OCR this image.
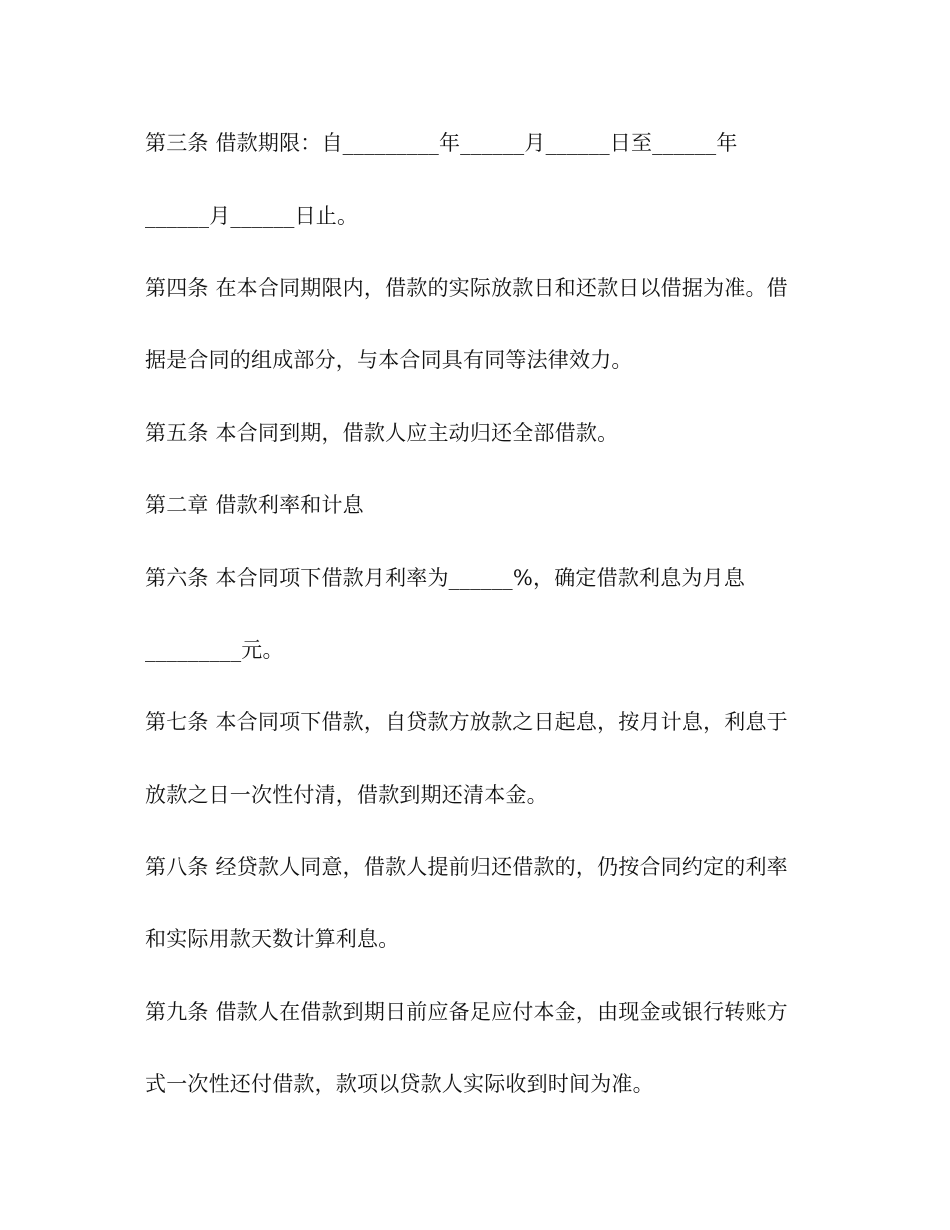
第三条 借款期限：自_________年______月______日至______年

______月______日止。

第四条 在本合同期限内，借款的实际放款日和还款日以借据为准。借

据是合同的组成部分，与本合同具有同等法律效力。

第五条 本合同到期，借款人应主动归还全部借款。

第二章 借款利率和计息

第六条 本合同项下借款月利率为______%，确定借款利息为月息

_________元。

第七条 本合同项下借款，自贷款方放款之日起息，按月计息，利息于

放款之日一次性付清，借款到期还清本金。

第八条 经贷款人同意，借款人提前归还借款的，仍按合同约定的利率

和实际用款天数计算利息。

第九条 借款人在借款到期日前应备足应付本金，由现金或银行转账方

式一次性还付借款，款项以贷款人实际收到时间为准。
